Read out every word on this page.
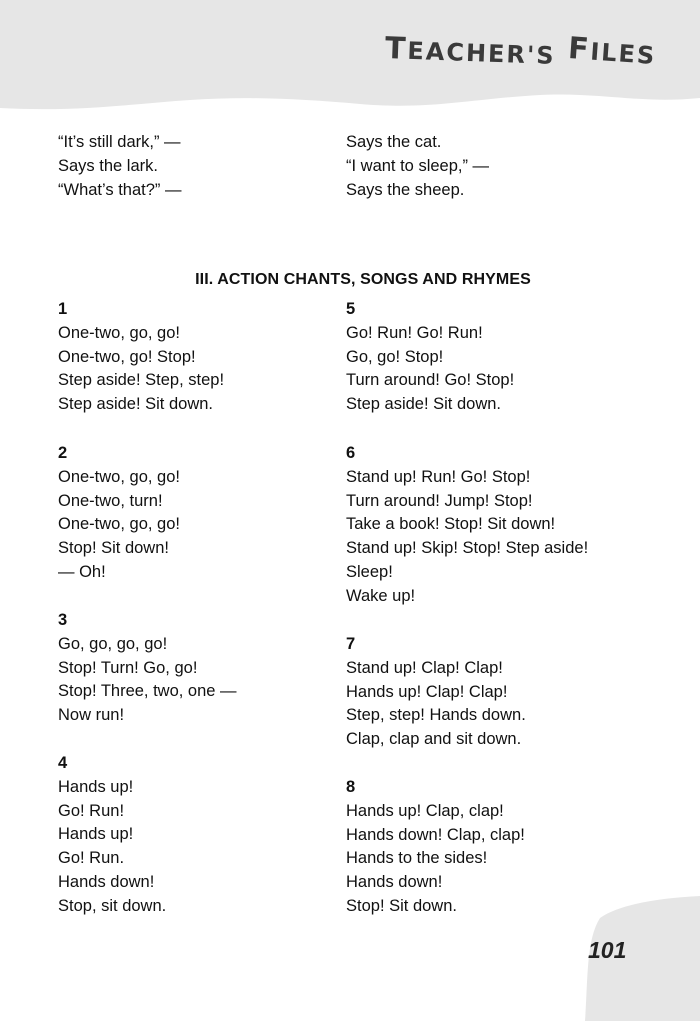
TEACHER'S FILES
“It’s still dark,” —
Says the lark.
“What’s that?” —
Says the cat.
“I want to sleep,” —
Says the sheep.
III. ACTION CHANTS, SONGS AND RHYMES
1
One-two, go, go!
One-two, go! Stop!
Step aside! Step, step!
Step aside! Sit down.
2
One-two, go, go!
One-two, turn!
One-two, go, go!
Stop! Sit down!
— Oh!
3
Go, go, go, go!
Stop! Turn! Go, go!
Stop! Three, two, one —
Now run!
4
Hands up!
Go! Run!
Hands up!
Go! Run.
Hands down!
Stop, sit down.
5
Go! Run! Go! Run!
Go, go! Stop!
Turn around! Go! Stop!
Step aside! Sit down.
6
Stand up! Run! Go! Stop!
Turn around! Jump! Stop!
Take a book! Stop! Sit down!
Stand up! Skip! Stop! Step aside!
Sleep!
Wake up!
7
Stand up! Clap! Clap!
Hands up! Clap! Clap!
Step, step! Hands down.
Clap, clap and sit down.
8
Hands up! Clap, clap!
Hands down! Clap, clap!
Hands to the sides!
Hands down!
Stop! Sit down.
101
